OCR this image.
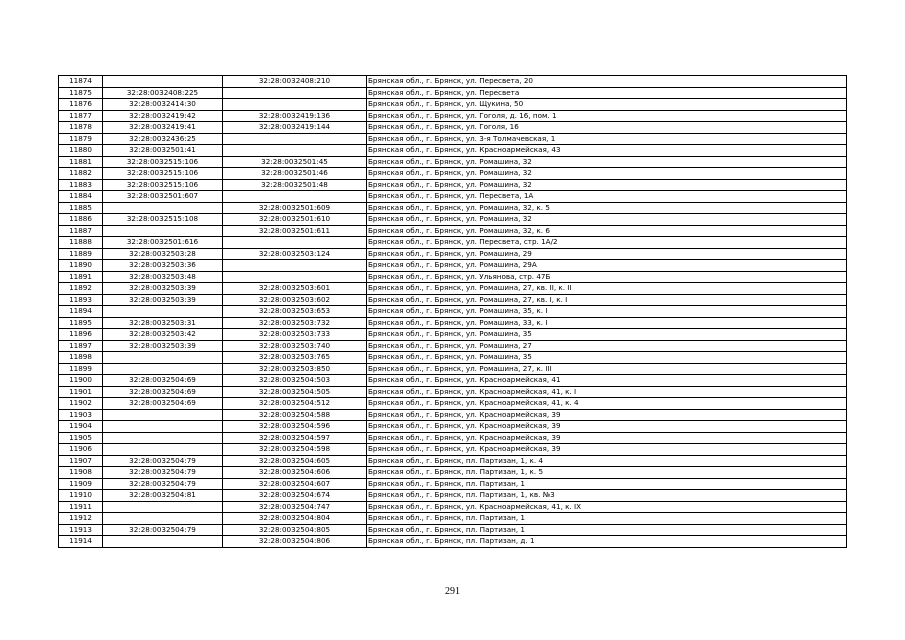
11874		32:28:0032408:210	Брянская обл., г. Брянск, ул. Пересвета, 20
11875	32:28:0032408:225		Брянская обл., г. Брянск, ул. Пересвета
11876	32:28:0032414:30		Брянская обл., г. Брянск, ул. Щукина, 50
11877	32:28:0032419:42	32:28:0032419:136	Брянская обл., г. Брянск, ул. Гоголя, д. 16, пом. 1
11878	32:28:0032419:41	32:28:0032419:144	Брянская обл., г. Брянск, ул. Гоголя, 16
11879	32:28:0032436:25		Брянская обл., г. Брянск, ул. 3-я Толмачевская, 1
11880	32:28:0032501:41		Брянская обл., г. Брянск, ул. Красноармейская, 43
11881	32:28:0032515:106	32:28:0032501:45	Брянская обл., г. Брянск, ул. Ромашина, 32
11882	32:28:0032515:106	32:28:0032501:46	Брянская обл., г. Брянск, ул. Ромашина, 32
11883	32:28:0032515:106	32:28:0032501:48	Брянская обл., г. Брянск, ул. Ромашина, 32
11884	32:28:0032501:607		Брянская обл., г. Брянск, ул. Пересвета, 1А
11885		32:28:0032501:609	Брянская обл., г. Брянск, ул. Ромашина, 32, к. 5
11886	32:28:0032515:108	32:28:0032501:610	Брянская обл., г. Брянск, ул. Ромашина, 32
11887		32:28:0032501:611	Брянская обл., г. Брянск, ул. Ромашина, 32, к. 6
11888	32:28:0032501:616		Брянская обл., г. Брянск, ул. Пересвета, стр. 1А/2
11889	32:28:0032503:28	32:28:0032503:124	Брянская обл., г. Брянск, ул. Ромашина, 29
11890	32:28:0032503:36		Брянская обл., г. Брянск, ул. Ромашина, 29А
11891	32:28:0032503:48		Брянская обл., г. Брянск, ул. Ульянова, стр. 47Б
11892	32:28:0032503:39	32:28:0032503:601	Брянская обл., г. Брянск, ул. Ромашина, 27, кв. II, к. II
11893	32:28:0032503:39	32:28:0032503:602	Брянская обл., г. Брянск, ул. Ромашина, 27, кв. I, к. I
11894		32:28:0032503:653	Брянская обл., г. Брянск, ул. Ромашина, 35, к. I
11895	32:28:0032503:31	32:28:0032503:732	Брянская обл., г. Брянск, ул. Ромашина, 33, к. I
11896	32:28:0032503:42	32:28:0032503:733	Брянская обл., г. Брянск, ул. Ромашина, 35
11897	32:28:0032503:39	32:28:0032503:740	Брянская обл., г. Брянск, ул. Ромашина, 27
11898		32:28:0032503:765	Брянская обл., г. Брянск, ул. Ромашина, 35
11899		32:28:0032503:850	Брянская обл., г. Брянск, ул. Ромашина, 27, к. III
11900	32:28:0032504:69	32:28:0032504:503	Брянская обл., г. Брянск, ул. Красноармейская, 41
11901	32:28:0032504:69	32:28:0032504:505	Брянская обл., г. Брянск, ул. Красноармейская, 41, к. I
11902	32:28:0032504:69	32:28:0032504:512	Брянская обл., г. Брянск, ул. Красноармейская, 41, к. 4
11903		32:28:0032504:588	Брянская обл., г. Брянск, ул. Красноармейская, 39
11904		32:28:0032504:596	Брянская обл., г. Брянск, ул. Красноармейская, 39
11905		32:28:0032504:597	Брянская обл., г. Брянск, ул. Красноармейская, 39
11906		32:28:0032504:598	Брянская обл., г. Брянск, ул. Красноармейская, 39
11907	32:28:0032504:79	32:28:0032504:605	Брянская обл., г. Брянск, пл. Партизан, 1, к. 4
11908	32:28:0032504:79	32:28:0032504:606	Брянская обл., г. Брянск, пл. Партизан, 1, к. 5
11909	32:28:0032504:79	32:28:0032504:607	Брянская обл., г. Брянск, пл. Партизан, 1
11910	32:28:0032504:81	32:28:0032504:674	Брянская обл., г. Брянск, пл. Партизан, 1, кв. №3
11911		32:28:0032504:747	Брянская обл., г. Брянск, ул. Красноармейская, 41, к. IX
11912		32:28:0032504:804	Брянская обл., г. Брянск, пл. Партизан, 1
11913	32:28:0032504:79	32:28:0032504:805	Брянская обл., г. Брянск, пл. Партизан, 1
11914		32:28:0032504:806	Брянская обл., г. Брянск, пл. Партизан, д. 1
291
